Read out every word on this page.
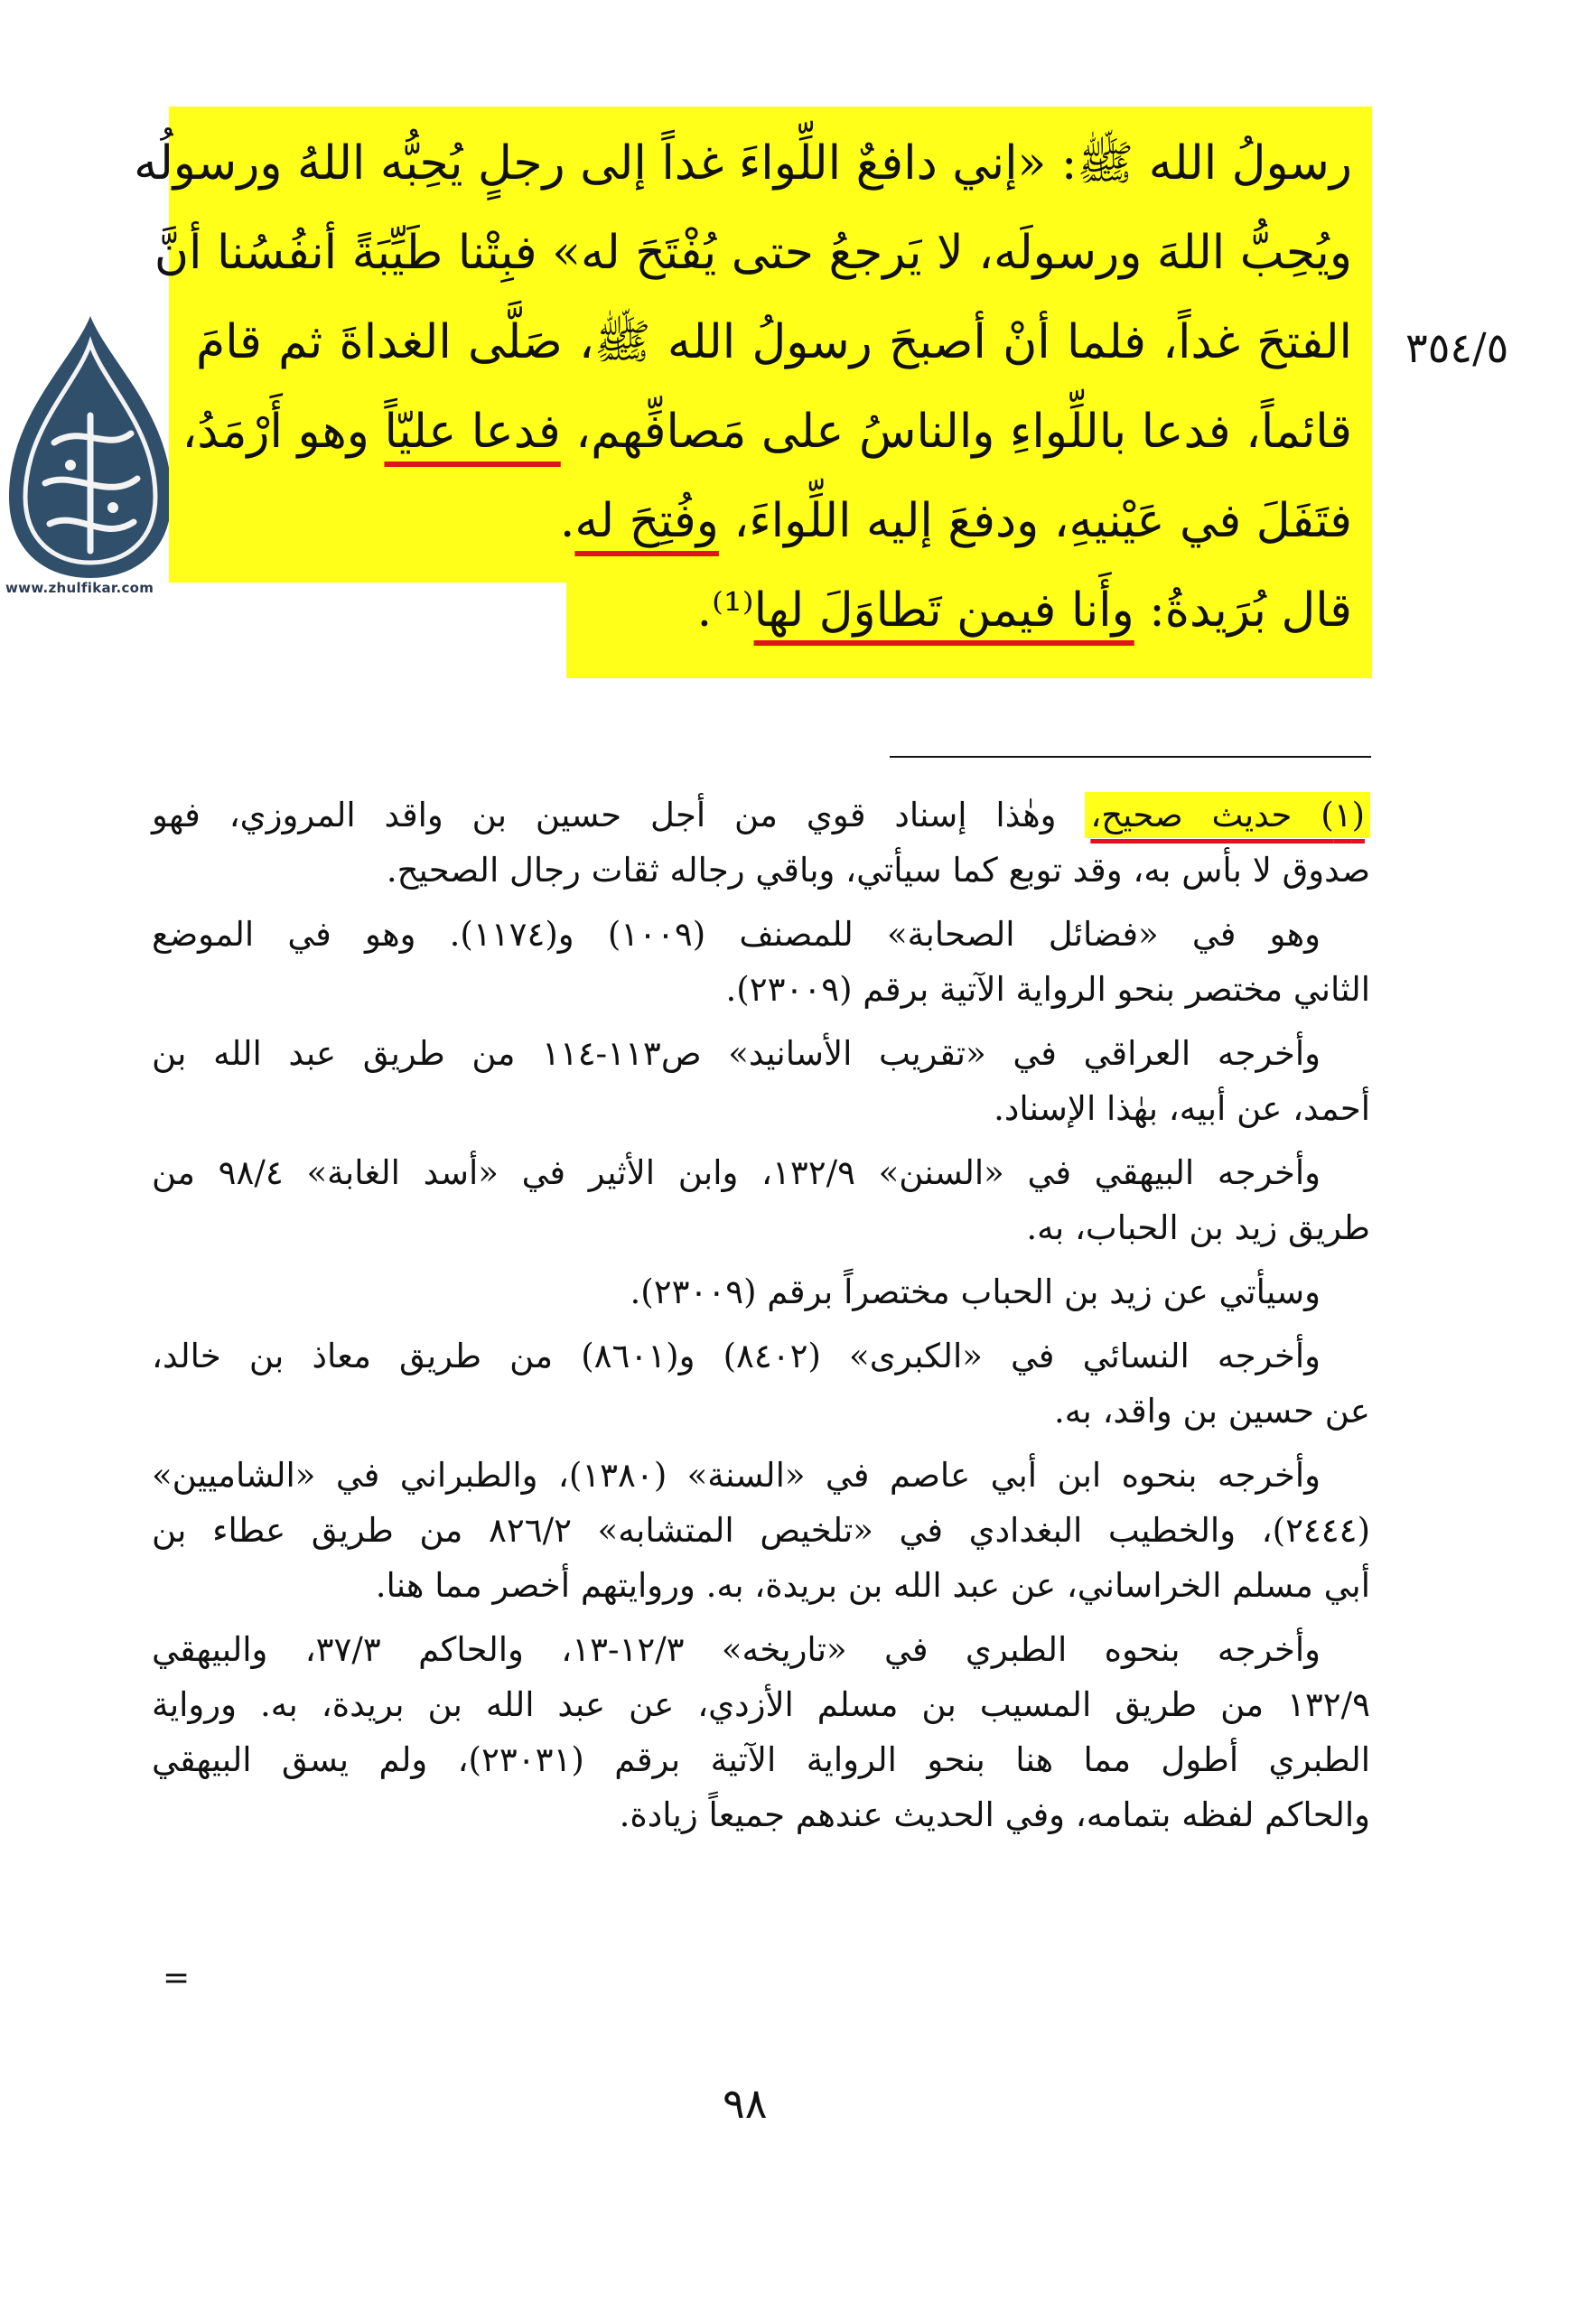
www.zhulfikar.com
٣٥٤/٥
رسولُ الله ﷺ: «إني دافعٌ اللِّواءَ غداً إلى رجلٍ يُحِبُّه اللهُ ورسولُه
ويُحِبُّ اللهَ ورسولَه، لا يَرجعُ حتى يُفْتَحَ له» فبِتْنا طَيِّبَةً أنفُسُنا أنَّ
الفتحَ غداً، فلما أنْ أصبحَ رسولُ الله ﷺ، صَلَّى الغداةَ ثم قامَ
قائماً، فدعا باللِّواءِ والناسُ على مَصافِّهم، فدعا عليّاً وهو أَرْمَدُ،
فتَفَلَ في عَيْنيهِ، ودفعَ إليه اللِّواءَ، وفُتِحَ له.
قال بُرَيدةُ: وأَنا فيمن تَطاوَلَ لها⁽¹⁾.
(١) حديث صحيح، وهٰذا إسناد قوي من أجل حسين بن واقد المروزي، فهو
صدوق لا بأس به، وقد توبع كما سيأتي، وباقي رجاله ثقات رجال الصحيح.
وهو في «فضائل الصحابة» للمصنف (١٠٠٩) و(١١٧٤). وهو في الموضع
الثاني مختصر بنحو الرواية الآتية برقم (٢٣٠٠٩).
وأخرجه العراقي في «تقريب الأسانيد» ص١١٣-١١٤ من طريق عبد الله بن
أحمد، عن أبيه، بهٰذا الإسناد.
وأخرجه البيهقي في «السنن» ١٣٢/٩، وابن الأثير في «أسد الغابة» ٩٨/٤ من
طريق زيد بن الحباب، به.
وسيأتي عن زيد بن الحباب مختصراً برقم (٢٣٠٠٩).
وأخرجه النسائي في «الكبرى» (٨٤٠٢) و(٨٦٠١) من طريق معاذ بن خالد،
عن حسين بن واقد، به.
وأخرجه بنحوه ابن أبي عاصم في «السنة» (١٣٨٠)، والطبراني في «الشاميين»
(٢٤٤٤)، والخطيب البغدادي في «تلخيص المتشابه» ٨٢٦/٢ من طريق عطاء بن
أبي مسلم الخراساني، عن عبد الله بن بريدة، به. وروايتهم أخصر مما هنا.
وأخرجه بنحوه الطبري في «تاريخه» ١٢/٣-١٣، والحاكم ٣٧/٣، والبيهقي
١٣٢/٩ من طريق المسيب بن مسلم الأزدي، عن عبد الله بن بريدة، به. ورواية
الطبري أطول مما هنا بنحو الرواية الآتية برقم (٢٣٠٣١)، ولم يسق البيهقي
والحاكم لفظه بتمامه، وفي الحديث عندهم جميعاً زيادة.
=
٩٨
